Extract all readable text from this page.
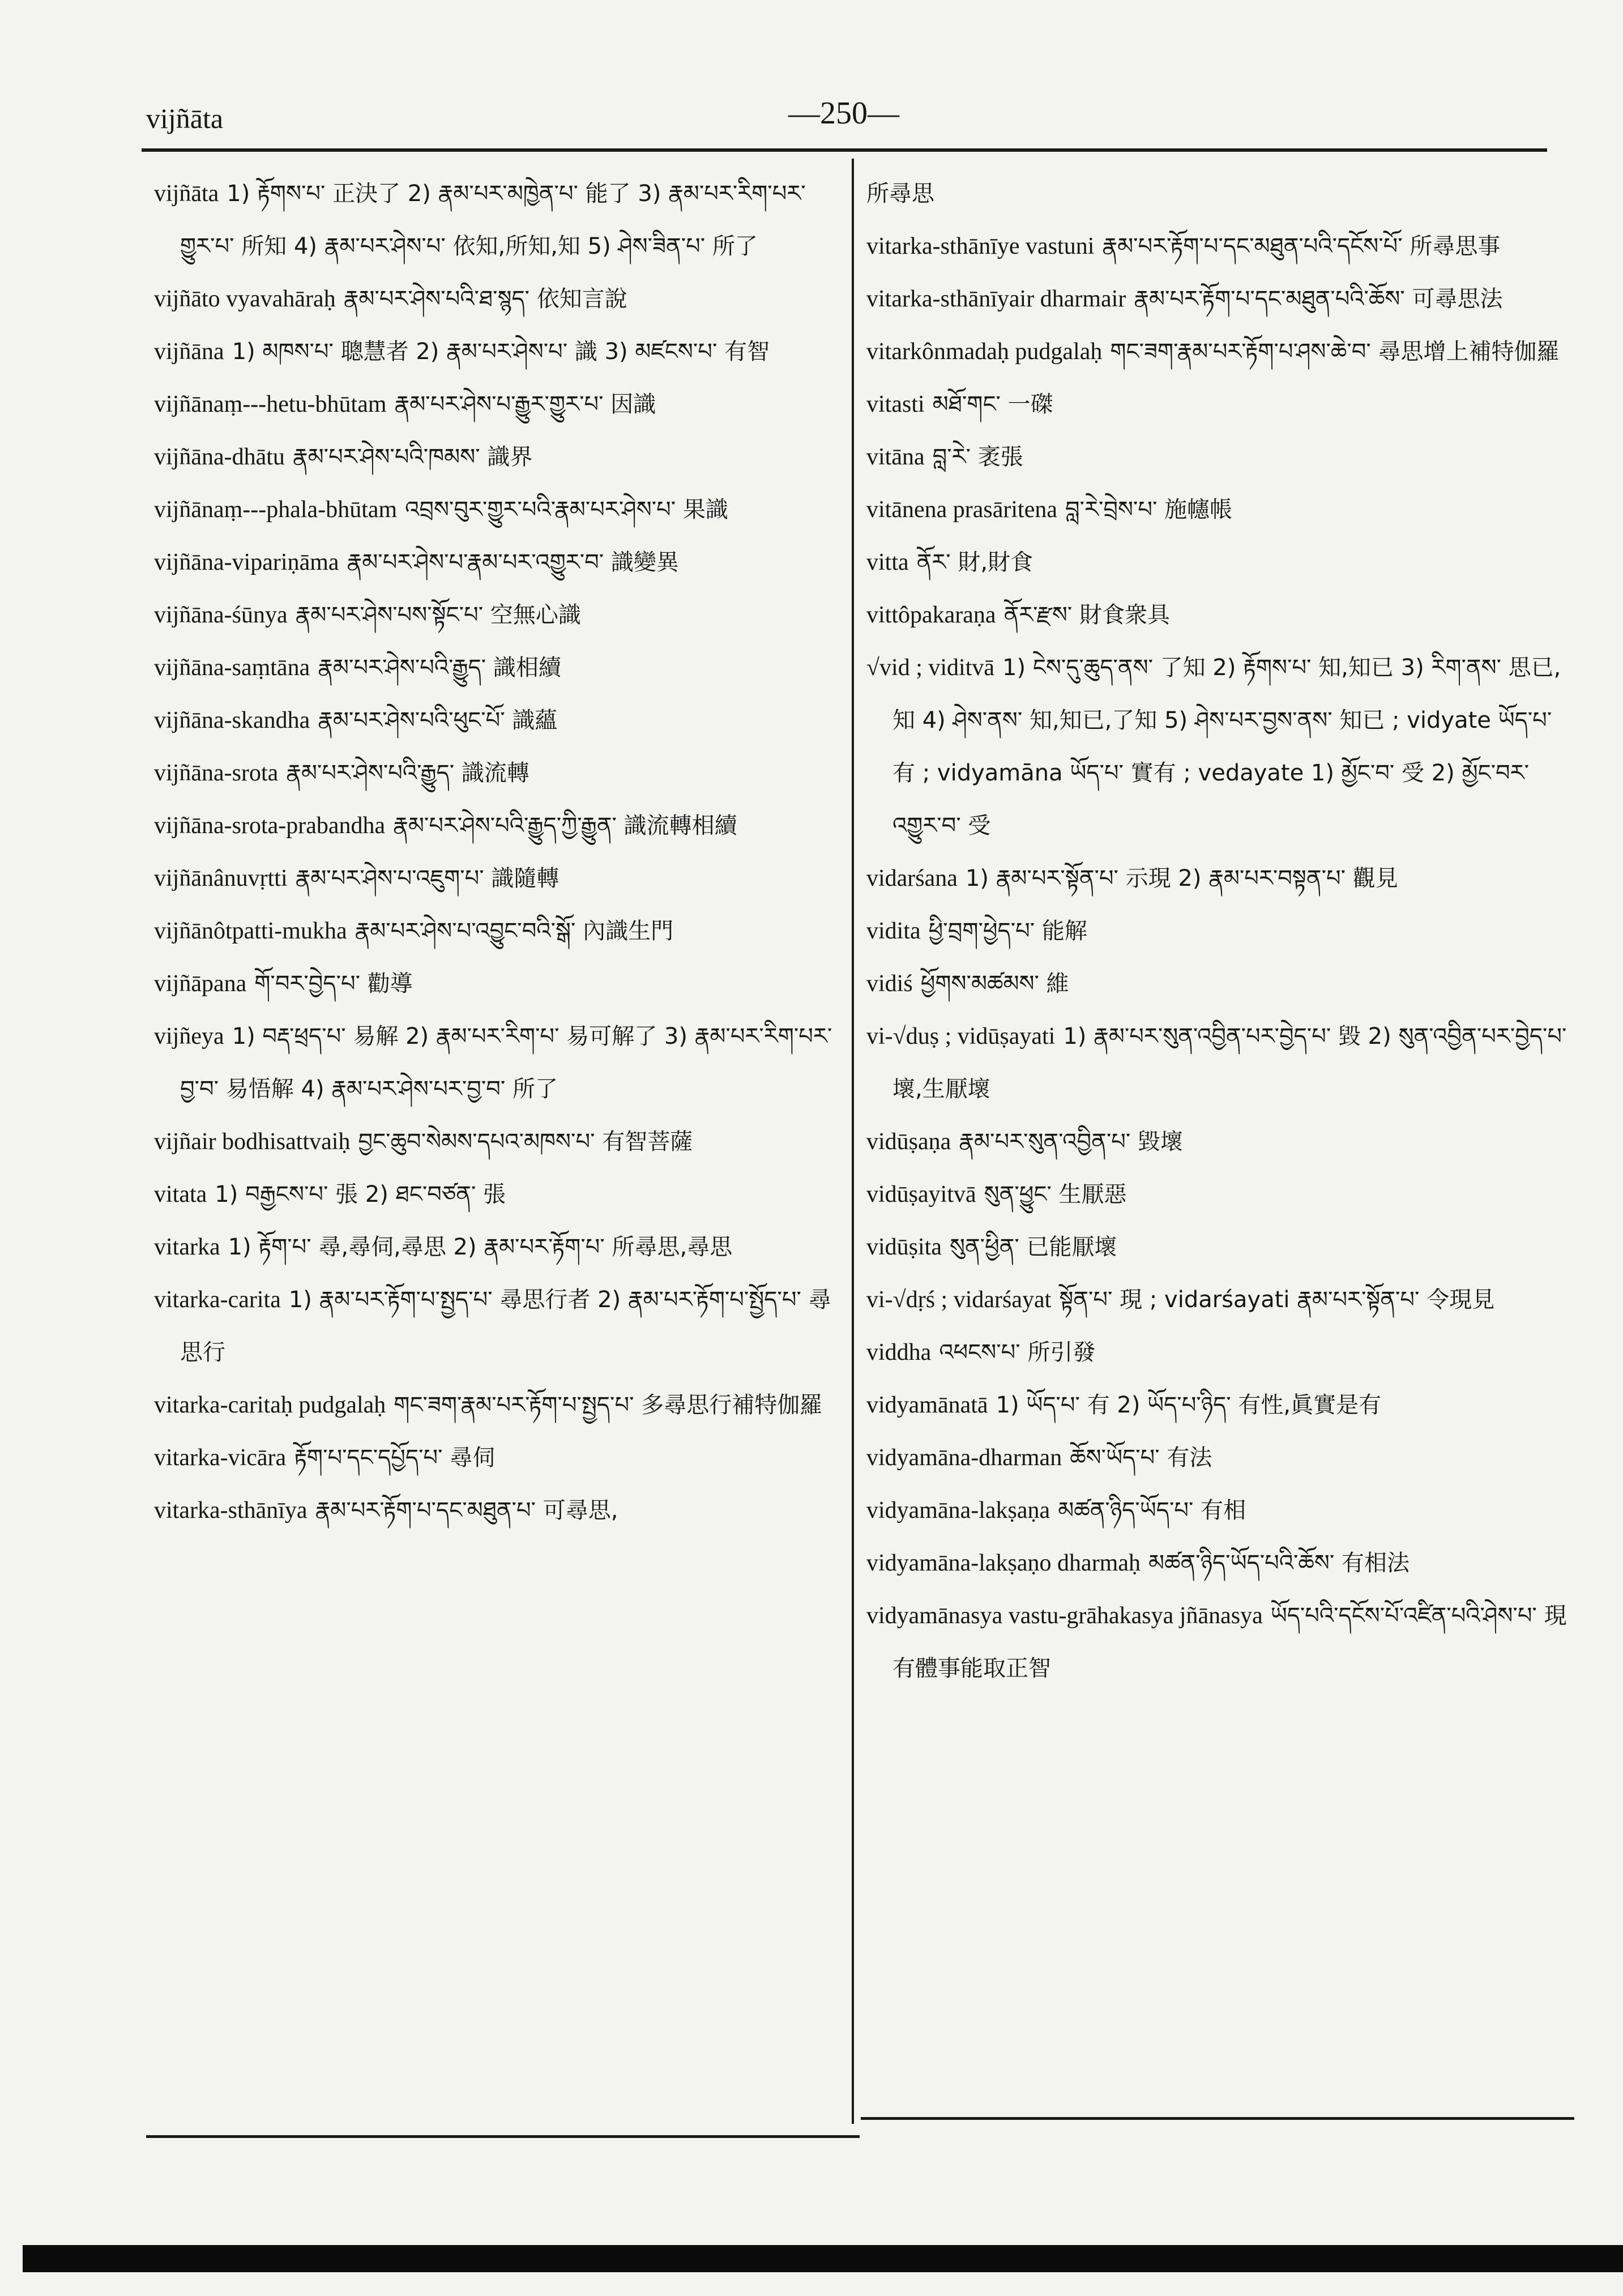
vijñāta	—250—
vijñāta 1) རྟོགས་པ་ 正決了 2) རྣམ་པར་མཁྱེན་པ་ 能了 3) རྣམ་པར་རིག་པར་གྱུར་པ་ 所知 4) རྣམ་པར་ཤེས་པ་ 依知,所知,知 5) ཤེས་ཟིན་པ་ 所了
vijñāto vyavahāraḥ རྣམ་པར་ཤེས་པའི་ཐ་སྙད་ 依知言說
vijñāna 1) མཁས་པ་ 聰慧者 2) རྣམ་པར་ཤེས་པ་ 識 3) མཛངས་པ་ 有智
vijñānaṃ---hetu-bhūtam རྣམ་པར་ཤེས་པ་རྒྱུར་གྱུར་པ་ 因識
vijñāna-dhātu རྣམ་པར་ཤེས་པའི་ཁམས་ 識界
vijñānaṃ---phala-bhūtam འབྲས་བུར་གྱུར་པའི་རྣམ་པར་ཤེས་པ་ 果識
vijñāna-vipariṇāma རྣམ་པར་ཤེས་པ་རྣམ་པར་འགྱུར་བ་ 識變異
vijñāna-śūnya རྣམ་པར་ཤེས་པས་སྟོང་པ་ 空無心識
vijñāna-saṃtāna རྣམ་པར་ཤེས་པའི་རྒྱུད་ 識相續
vijñāna-skandha རྣམ་པར་ཤེས་པའི་ཕུང་པོ་ 識蘊
vijñāna-srota རྣམ་པར་ཤེས་པའི་རྒྱུད་ 識流轉
vijñāna-srota-prabandha རྣམ་པར་ཤེས་པའི་རྒྱུད་ཀྱི་རྒྱུན་ 識流轉相續
vijñānânuvṛtti རྣམ་པར་ཤེས་པ་འཇུག་པ་ 識隨轉
vijñānôtpatti-mukha རྣམ་པར་ཤེས་པ་འབྱུང་བའི་སྒོ་ 內識生門
vijñāpana གོ་བར་བྱེད་པ་ 勸導
vijñeya 1) བརྡ་ཕྲད་པ་ 易解 2) རྣམ་པར་རིག་པ་ 易可解了 3) རྣམ་པར་རིག་པར་བྱ་བ་ 易悟解 4) རྣམ་པར་ཤེས་པར་བྱ་བ་ 所了
vijñair bodhisattvaiḥ བྱང་ཆུབ་སེམས་དཔའ་མཁས་པ་ 有智菩薩
vitata 1) བརྒྱངས་པ་ 張 2) ཐང་བཙན་ 張
vitarka 1) རྟོག་པ་ 尋,尋伺,尋思 2) རྣམ་པར་རྟོག་པ་ 所尋思,尋思
vitarka-carita 1) རྣམ་པར་རྟོག་པ་སྤྱད་པ་ 尋思行者 2) རྣམ་པར་རྟོག་པ་སྤྱོད་པ་ 尋思行
vitarka-caritaḥ pudgalaḥ གང་ཟག་རྣམ་པར་རྟོག་པ་སྤྱད་པ་ 多尋思行補特伽羅
vitarka-vicāra རྟོག་པ་དང་དཔྱོད་པ་ 尋伺
vitarka-sthānīya རྣམ་པར་རྟོག་པ་དང་མཐུན་པ་ 可尋思,
所尋思
vitarka-sthānīye vastuni རྣམ་པར་རྟོག་པ་དང་མཐུན་པའི་དངོས་པོ་ 所尋思事
vitarka-sthānīyair dharmair རྣམ་པར་རྟོག་པ་དང་མཐུན་པའི་ཆོས་ 可尋思法
vitarkônmadaḥ pudgalaḥ གང་ཟག་རྣམ་པར་རྟོག་པ་ཤས་ཆེ་བ་ 尋思增上補特伽羅
vitasti མཐོ་གང་ 一磔
vitāna བླ་རེ་ 袤張
vitānena prasāritena བླ་རེ་བྲེས་པ་ 施幰帳
vitta ནོར་ 財,財食
vittôpakaraṇa ནོར་རྫས་ 財食衆具
√vid ; viditvā 1) ངེས་དུ་ཆུད་ནས་ 了知 2) རྟོགས་པ་ 知,知已 3) རིག་ནས་ 思已,知 4) ཤེས་ནས་ 知,知已,了知 5) ཤེས་པར་བྱས་ནས་ 知已 ; vidyate ཡོད་པ་ 有 ; vidyamāna ཡོད་པ་ 實有 ; vedayate 1) མྱོང་བ་ 受 2) མྱོང་བར་འགྱུར་བ་ 受
vidarśana 1) རྣམ་པར་སྟོན་པ་ 示現 2) རྣམ་པར་བསྟན་པ་ 觀見
vidita ཕྱི་བྲག་ཕྱེད་པ་ 能解
vidiś ཕྱོགས་མཚམས་ 維
vi-√duṣ ; vidūṣayati 1) རྣམ་པར་སུན་འབྱིན་པར་བྱེད་པ་ 毀 2) སུན་འབྱིན་པར་བྱེད་པ་ 壞,生厭壞
vidūṣaṇa རྣམ་པར་སུན་འབྱིན་པ་ 毀壞
vidūṣayitvā སུན་ཕྱུང་ 生厭惡
vidūṣita སུན་ཕྱིན་ 已能厭壞
vi-√dṛś ; vidarśayat སྟོན་པ་ 現 ; vidarśayati རྣམ་པར་སྟོན་པ་ 令現見
viddha འཕངས་པ་ 所引發
vidyamānatā 1) ཡོད་པ་ 有 2) ཡོད་པ་ཉིད་ 有性,眞實是有
vidyamāna-dharman ཆོས་ཡོད་པ་ 有法
vidyamāna-lakṣaṇa མཚན་ཉིད་ཡོད་པ་ 有相
vidyamāna-lakṣaṇo dharmaḥ མཚན་ཉིད་ཡོད་པའི་ཆོས་ 有相法
vidyamānasya vastu-grāhakasya jñānasya ཡོད་པའི་དངོས་པོ་འཛིན་པའི་ཤེས་པ་ 現有體事能取正智
